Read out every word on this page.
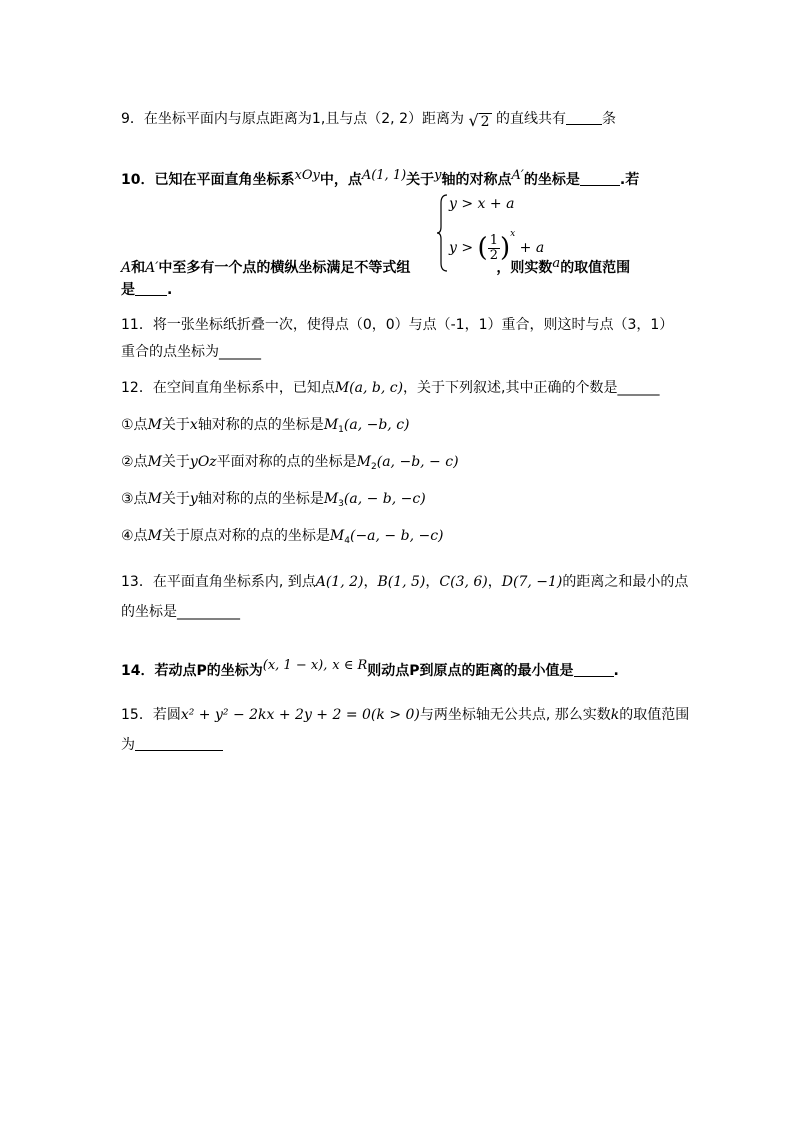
9．在坐标平面内与原点距离为1,且与点（2, 2）距离为 √ 2 的直线共有	条
10．已知在平面直角坐标系xOy中，点A(1, 1)关于y轴的对称点A′的坐标是	.若
y > x + a
y > ( $\frac{1}{2} )^x + a$
A和A′中至多有一个点的横纵坐标满足不等式组	，则实数a的取值范围
是 .
11．将一张坐标纸折叠一次，使得点（0，0）与点（-1，1）重合，则这时与点（3，1）
重合的点坐标为______
12．在空间直角坐标系中，已知点M(a, b, c)，关于下列叙述,其中正确的个数是______
①点M关于x轴对称的点的坐标是$M_1(a$, −b, c)
②点M关于yOz平面对称的点的坐标是$M_2(a$, −b, − c)
③点M关于y轴对称的点的坐标是$M_3(a$, − b, −c)
④点M关于原点对称的点的坐标是$M_4(-a$, − b, −c)
13．在平面直角坐标系内, 到点A(1, 2)，B(1, 5)，C(3, 6)，D(7, −1)的距离之和最小的点
的坐标是_________
14．若动点P的坐标为(x, 1 − x), x ∈ R则动点P到原点的距离的最小值是	.
15．若圆x² + y² − 2kx + 2y + 2 = 0(k > 0)与两坐标轴无公共点, 那么实数k的取值范围
为
